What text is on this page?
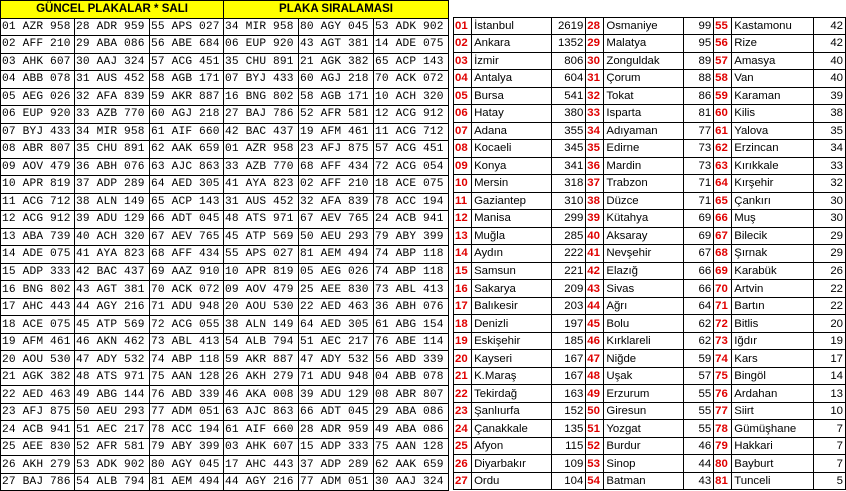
GÜNCEL PLAKALAR * SALI			PLAKA SIRALAMASI		
01 AZR 958	28 ADR 959	55 APS 027	34 MIR 958	80 AGY 045	53 ADK 902
02 AFF 210	29 ABA 086	56 ABE 684	06 EUP 920	43 AGT 381	14 ADE 075
03 AHK 607	30 AAJ 324	57 ACG 451	35 CHU 891	21 AGK 382	65 ACP 143
04 ABB 078	31 AUS 452	58 AGB 171	07 BYJ 433	60 AGJ 218	70 ACK 072
05 AEG 026	32 AFA 839	59 AKR 887	16 BNG 802	58 AGB 171	10 ACH 320
06 EUP 920	33 AZB 770	60 AGJ 218	27 BAJ 786	52 AFR 581	12 ACG 912
07 BYJ 433	34 MIR 958	61 AIF 660	42 BAC 437	19 AFM 461	11 ACG 712
08 ABR 807	35 CHU 891	62 AAK 659	01 AZR 958	23 AFJ 875	57 ACG 451
09 AOV 479	36 ABH 076	63 AJC 863	33 AZB 770	68 AFF 434	72 ACG 054
10 APR 819	37 ADP 289	64 AED 305	41 AYA 823	02 AFF 210	18 ACE 075
11 ACG 712	38 ALN 149	65 ACP 143	31 AUS 452	32 AFA 839	78 ACC 194
12 ACG 912	39 ADU 129	66 ADT 045	48 ATS 971	67 AEV 765	24 ACB 941
13 ABA 739	40 ACH 320	67 AEV 765	45 ATP 569	50 AEU 293	79 ABY 399
14 ADE 075	41 AYA 823	68 AFF 434	55 APS 027	81 AEM 494	74 ABP 118
15 ADP 333	42 BAC 437	69 AAZ 910	10 APR 819	05 AEG 026	74 ABP 118
16 BNG 802	43 AGT 381	70 ACK 072	09 AOV 479	25 AEE 830	73 ABL 413
17 AHC 443	44 AGY 216	71 ADU 948	20 AOU 530	22 AED 463	36 ABH 076
18 ACE 075	45 ATP 569	72 ACG 055	38 ALN 149	64 AED 305	61 ABG 154
19 AFM 461	46 AKN 462	73 ABL 413	54 ALB 794	51 AEC 217	76 ABE 114
20 AOU 530	47 ADY 532	74 ABP 118	59 AKR 887	47 ADY 532	56 ABD 339
21 AGK 382	48 ATS 971	75 AAN 128	26 AKH 279	71 ADU 948	04 ABB 078
22 AED 463	49 ABG 144	76 ABD 339	46 AKA 008	39 ADU 129	08 ABR 807
23 AFJ 875	50 AEU 293	77 ADM 051	63 AJC 863	66 ADT 045	29 ABA 086
24 ACB 941	51 AEC 217	78 ACC 194	61 AIF 660	28 ADR 959	49 ABA 086
25 AEE 830	52 AFR 581	79 ABY 399	03 AHK 607	15 ADP 333	75 AAN 128
26 AKH 279	53 ADK 902	80 AGY 045	17 AHC 443	37 ADP 289	62 AAK 659
27 BAJ 786	54 ALB 794	81 AEM 494	44 AGY 216	77 ADM 051	30 AAJ 324

01	İstanbul	2619	28	Osmaniye	99	55	Kastamonu	42
02	Ankara	1352	29	Malatya	95	56	Rize	42
03	İzmir	806	30	Zonguldak	89	57	Amasya	40
04	Antalya	604	31	Çorum	88	58	Van	40
05	Bursa	541	32	Tokat	86	59	Karaman	39
06	Hatay	380	33	Isparta	81	60	Kilis	38
07	Adana	355	34	Adıyaman	77	61	Yalova	35
08	Kocaeli	345	35	Edirne	73	62	Erzincan	34
09	Konya	341	36	Mardin	73	63	Kırıkkale	33
10	Mersin	318	37	Trabzon	71	64	Kırşehir	32
11	Gaziantep	310	38	Düzce	71	65	Çankırı	30
12	Manisa	299	39	Kütahya	69	66	Muş	30
13	Muğla	285	40	Aksaray	69	67	Bilecik	29
14	Aydın	222	41	Nevşehir	67	68	Şırnak	29
15	Samsun	221	42	Elazığ	66	69	Karabük	26
16	Sakarya	209	43	Sivas	66	70	Artvin	22
17	Balıkesir	203	44	Ağrı	64	71	Bartın	22
18	Denizli	197	45	Bolu	62	72	Bitlis	20
19	Eskişehir	185	46	Kırklareli	62	73	Iğdır	19
20	Kayseri	167	47	Niğde	59	74	Kars	17
21	K.Maraş	167	48	Uşak	57	75	Bingöl	14
22	Tekirdağ	163	49	Erzurum	55	76	Ardahan	13
23	Şanlıurfa	152	50	Giresun	55	77	Siirt	10
24	Çanakkale	135	51	Yozgat	55	78	Gümüşhane	7
25	Afyon	115	52	Burdur	46	79	Hakkari	7
26	Diyarbakır	109	53	Sinop	44	80	Bayburt	7
27	Ordu	104	54	Batman	43	81	Tunceli	5
